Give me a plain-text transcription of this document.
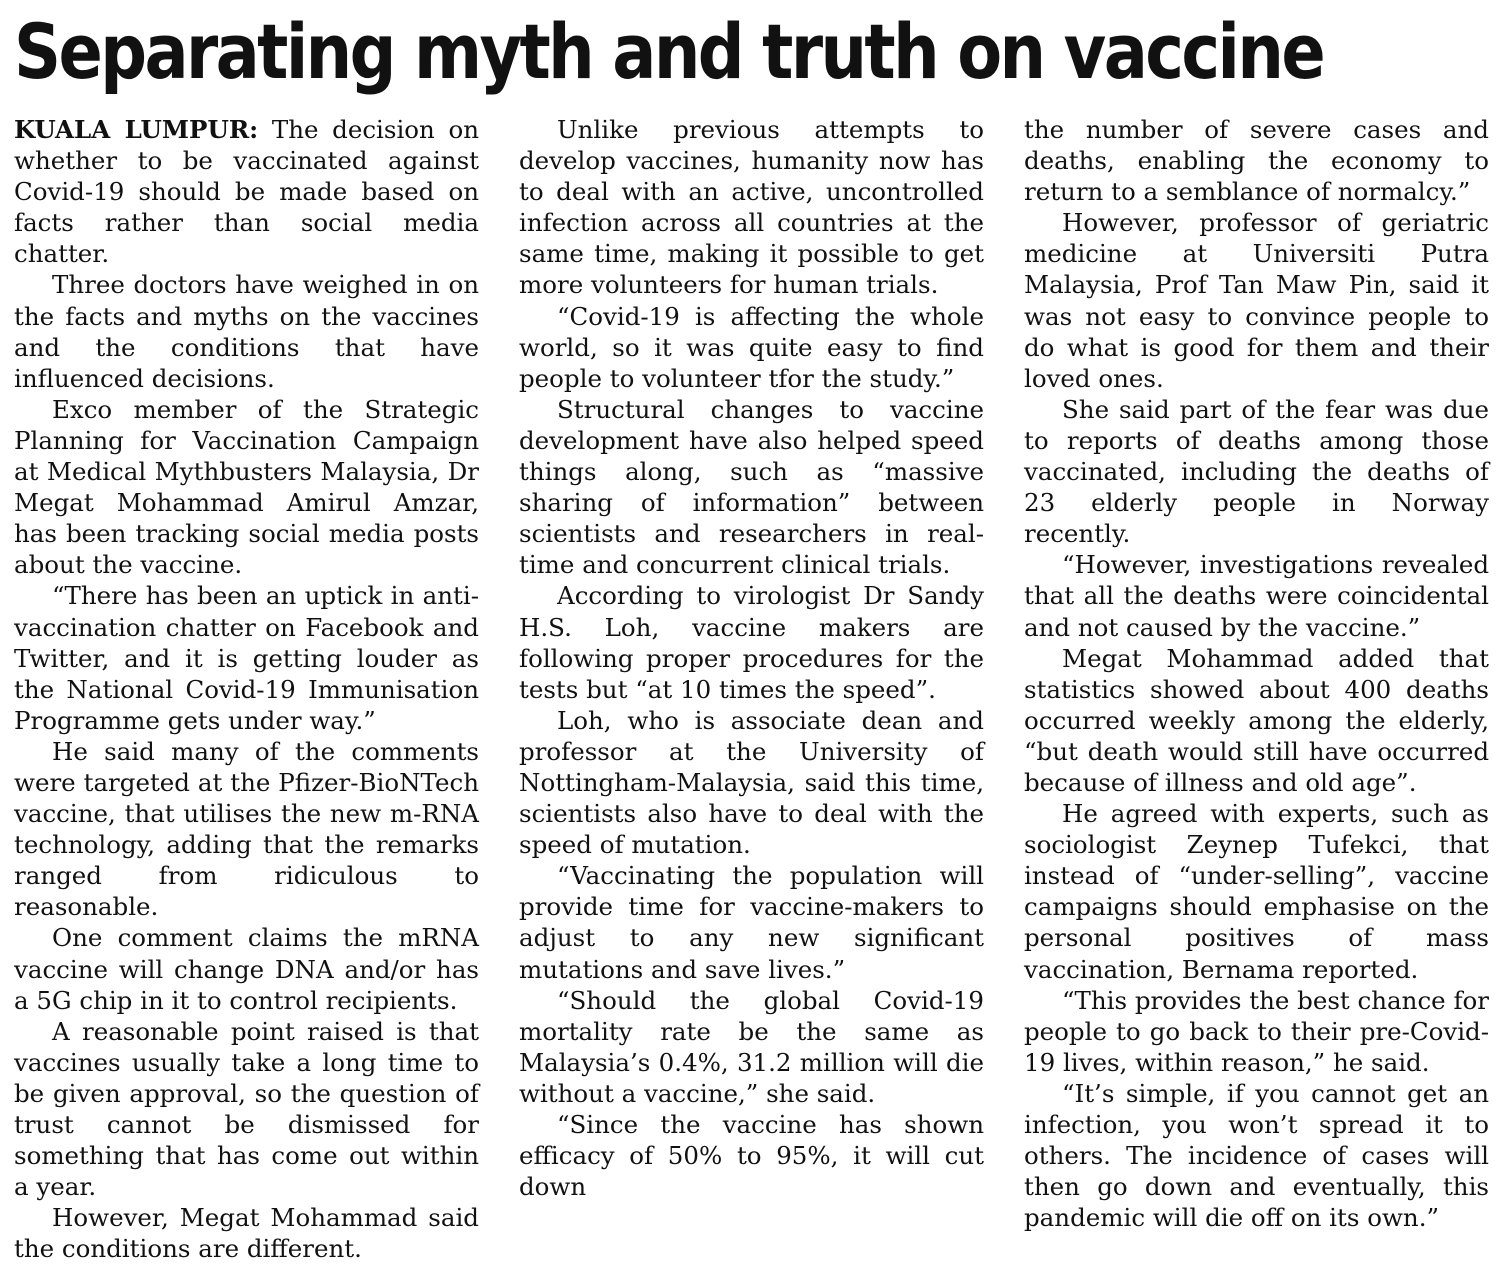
Separating myth and truth on vaccine

KUALA LUMPUR: The decision on whether to be vaccinated against Covid-19 should be made based on facts rather than social media chatter.

Three doctors have weighed in on the facts and myths on the vaccines and the conditions that have influenced decisions.

Exco member of the Strategic Planning for Vaccination Campaign at Medical Mythbusters Malaysia, Dr Megat Mohammad Amirul Amzar, has been tracking social media posts about the vaccine.

“There has been an uptick in anti-vaccination chatter on Facebook and Twitter, and it is getting louder as the National Covid-19 Immunisation Programme gets under way.”

He said many of the comments were targeted at the Pfizer-BioNTech vaccine, that utilises the new m-RNA technology, adding that the remarks ranged from ridiculous to reasonable.

One comment claims the mRNA vaccine will change DNA and/or has a 5G chip in it to control recipients.

A reasonable point raised is that vaccines usually take a long time to be given approval, so the question of trust cannot be dismissed for something that has come out within a year.

However, Megat Mohammad said the conditions are different.

Unlike previous attempts to develop vaccines, humanity now has to deal with an active, uncontrolled infection across all countries at the same time, making it possible to get more volunteers for human trials.

“Covid-19 is affecting the whole world, so it was quite easy to find people to volunteer tfor the study.”

Structural changes to vaccine development have also helped speed things along, such as “massive sharing of information” between scientists and researchers in real-time and concurrent clinical trials.

According to virologist Dr Sandy H.S. Loh, vaccine makers are following proper procedures for the tests but “at 10 times the speed”.

Loh, who is associate dean and professor at the University of Nottingham-Malaysia, said this time, scientists also have to deal with the speed of mutation.

“Vaccinating the population will provide time for vaccine-makers to adjust to any new significant mutations and save lives.”

“Should the global Covid-19 mortality rate be the same as Malaysia’s 0.4%, 31.2 million will die without a vaccine,” she said.

“Since the vaccine has shown efficacy of 50% to 95%, it will cut down

the number of severe cases and deaths, enabling the economy to return to a semblance of normalcy.”

However, professor of geriatric medicine at Universiti Putra Malaysia, Prof Tan Maw Pin, said it was not easy to convince people to do what is good for them and their loved ones.

She said part of the fear was due to reports of deaths among those vaccinated, including the deaths of 23 elderly people in Norway recently.

“However, investigations revealed that all the deaths were coincidental and not caused by the vaccine.”

Megat Mohammad added that statistics showed about 400 deaths occurred weekly among the elderly, “but death would still have occurred because of illness and old age”.

He agreed with experts, such as sociologist Zeynep Tufekci, that instead of “under-selling”, vaccine campaigns should emphasise on the personal positives of mass vaccination, Bernama reported.

“This provides the best chance for people to go back to their pre-Covid-19 lives, within reason,” he said.

“It’s simple, if you cannot get an infection, you won’t spread it to others. The incidence of cases will then go down and eventually, this pandemic will die off on its own.”
